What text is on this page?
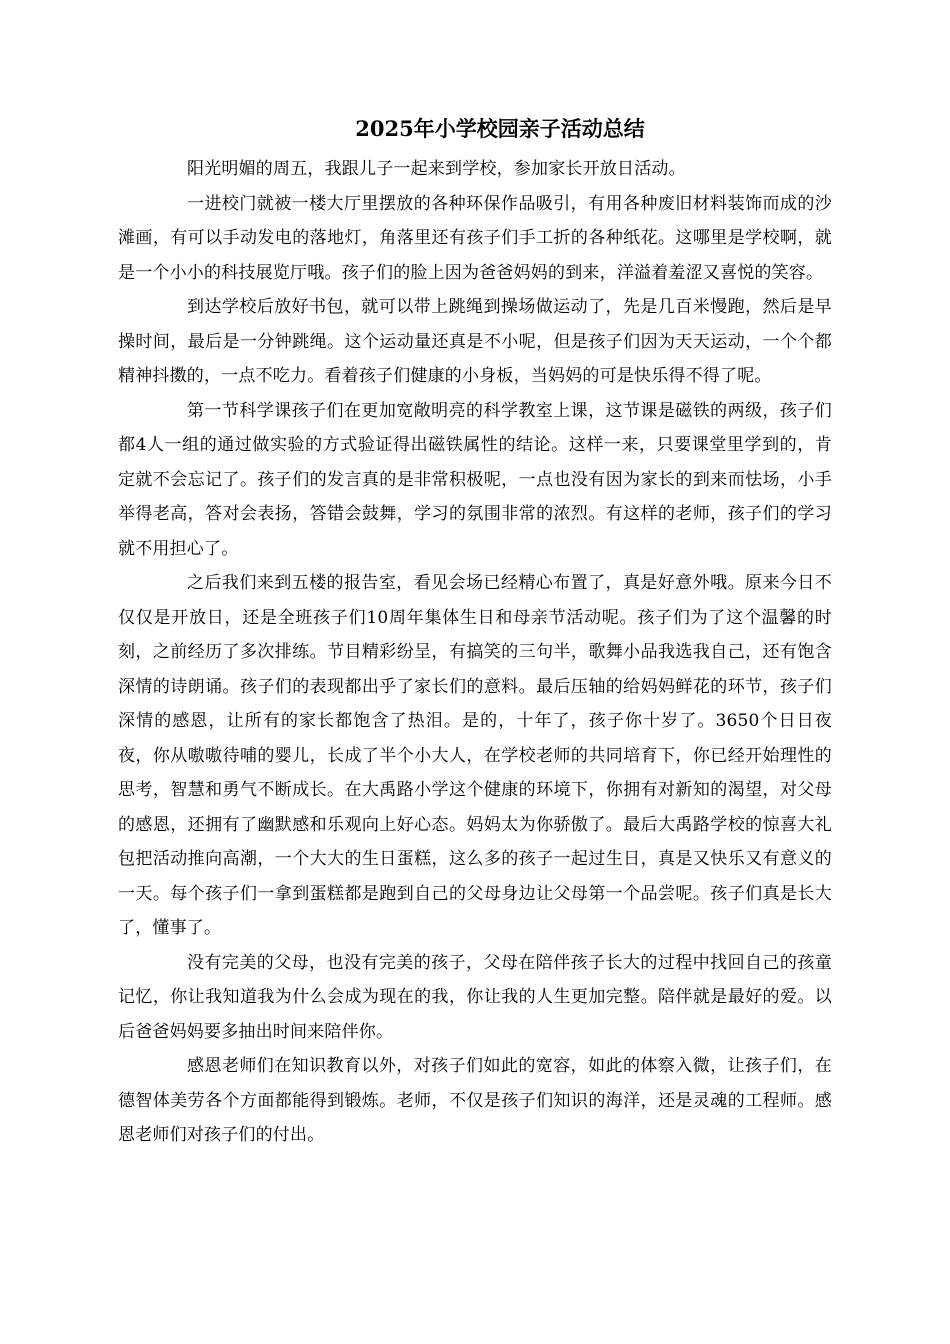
2025年小学校园亲子活动总结

阳光明媚的周五，我跟儿子一起来到学校，参加家长开放日活动。

一进校门就被一楼大厅里摆放的各种环保作品吸引，有用各种废旧材料装饰而成的沙滩画，有可以手动发电的落地灯，角落里还有孩子们手工折的各种纸花。这哪里是学校啊，就是一个小小的科技展览厅哦。孩子们的脸上因为爸爸妈妈的到来，洋溢着羞涩又喜悦的笑容。

到达学校后放好书包，就可以带上跳绳到操场做运动了，先是几百米慢跑，然后是早操时间，最后是一分钟跳绳。这个运动量还真是不小呢，但是孩子们因为天天运动，一个个都精神抖擞的，一点不吃力。看着孩子们健康的小身板，当妈妈的可是快乐得不得了呢。

第一节科学课孩子们在更加宽敞明亮的科学教室上课，这节课是磁铁的两级，孩子们都4人一组的通过做实验的方式验证得出磁铁属性的结论。这样一来，只要课堂里学到的，肯定就不会忘记了。孩子们的发言真的是非常积极呢，一点也没有因为家长的到来而怯场，小手举得老高，答对会表扬，答错会鼓舞，学习的氛围非常的浓烈。有这样的老师，孩子们的学习就不用担心了。

之后我们来到五楼的报告室，看见会场已经精心布置了，真是好意外哦。原来今日不仅仅是开放日，还是全班孩子们10周年集体生日和母亲节活动呢。孩子们为了这个温馨的时刻，之前经历了多次排练。节目精彩纷呈，有搞笑的三句半，歌舞小品我选我自己，还有饱含深情的诗朗诵。孩子们的表现都出乎了家长们的意料。最后压轴的给妈妈鲜花的环节，孩子们深情的感恩，让所有的家长都饱含了热泪。是的，十年了，孩子你十岁了。3650个日日夜夜，你从嗷嗷待哺的婴儿，长成了半个小大人，在学校老师的共同培育下，你已经开始理性的思考，智慧和勇气不断成长。在大禹路小学这个健康的环境下，你拥有对新知的渴望，对父母的感恩，还拥有了幽默感和乐观向上好心态。妈妈太为你骄傲了。最后大禹路学校的惊喜大礼包把活动推向高潮，一个大大的生日蛋糕，这么多的孩子一起过生日，真是又快乐又有意义的一天。每个孩子们一拿到蛋糕都是跑到自己的父母身边让父母第一个品尝呢。孩子们真是长大了，懂事了。

没有完美的父母，也没有完美的孩子，父母在陪伴孩子长大的过程中找回自己的孩童记忆，你让我知道我为什么会成为现在的我，你让我的人生更加完整。陪伴就是最好的爱。以后爸爸妈妈要多抽出时间来陪伴你。

感恩老师们在知识教育以外，对孩子们如此的宽容，如此的体察入微，让孩子们，在德智体美劳各个方面都能得到锻炼。老师，不仅是孩子们知识的海洋，还是灵魂的工程师。感恩老师们对孩子们的付出。
